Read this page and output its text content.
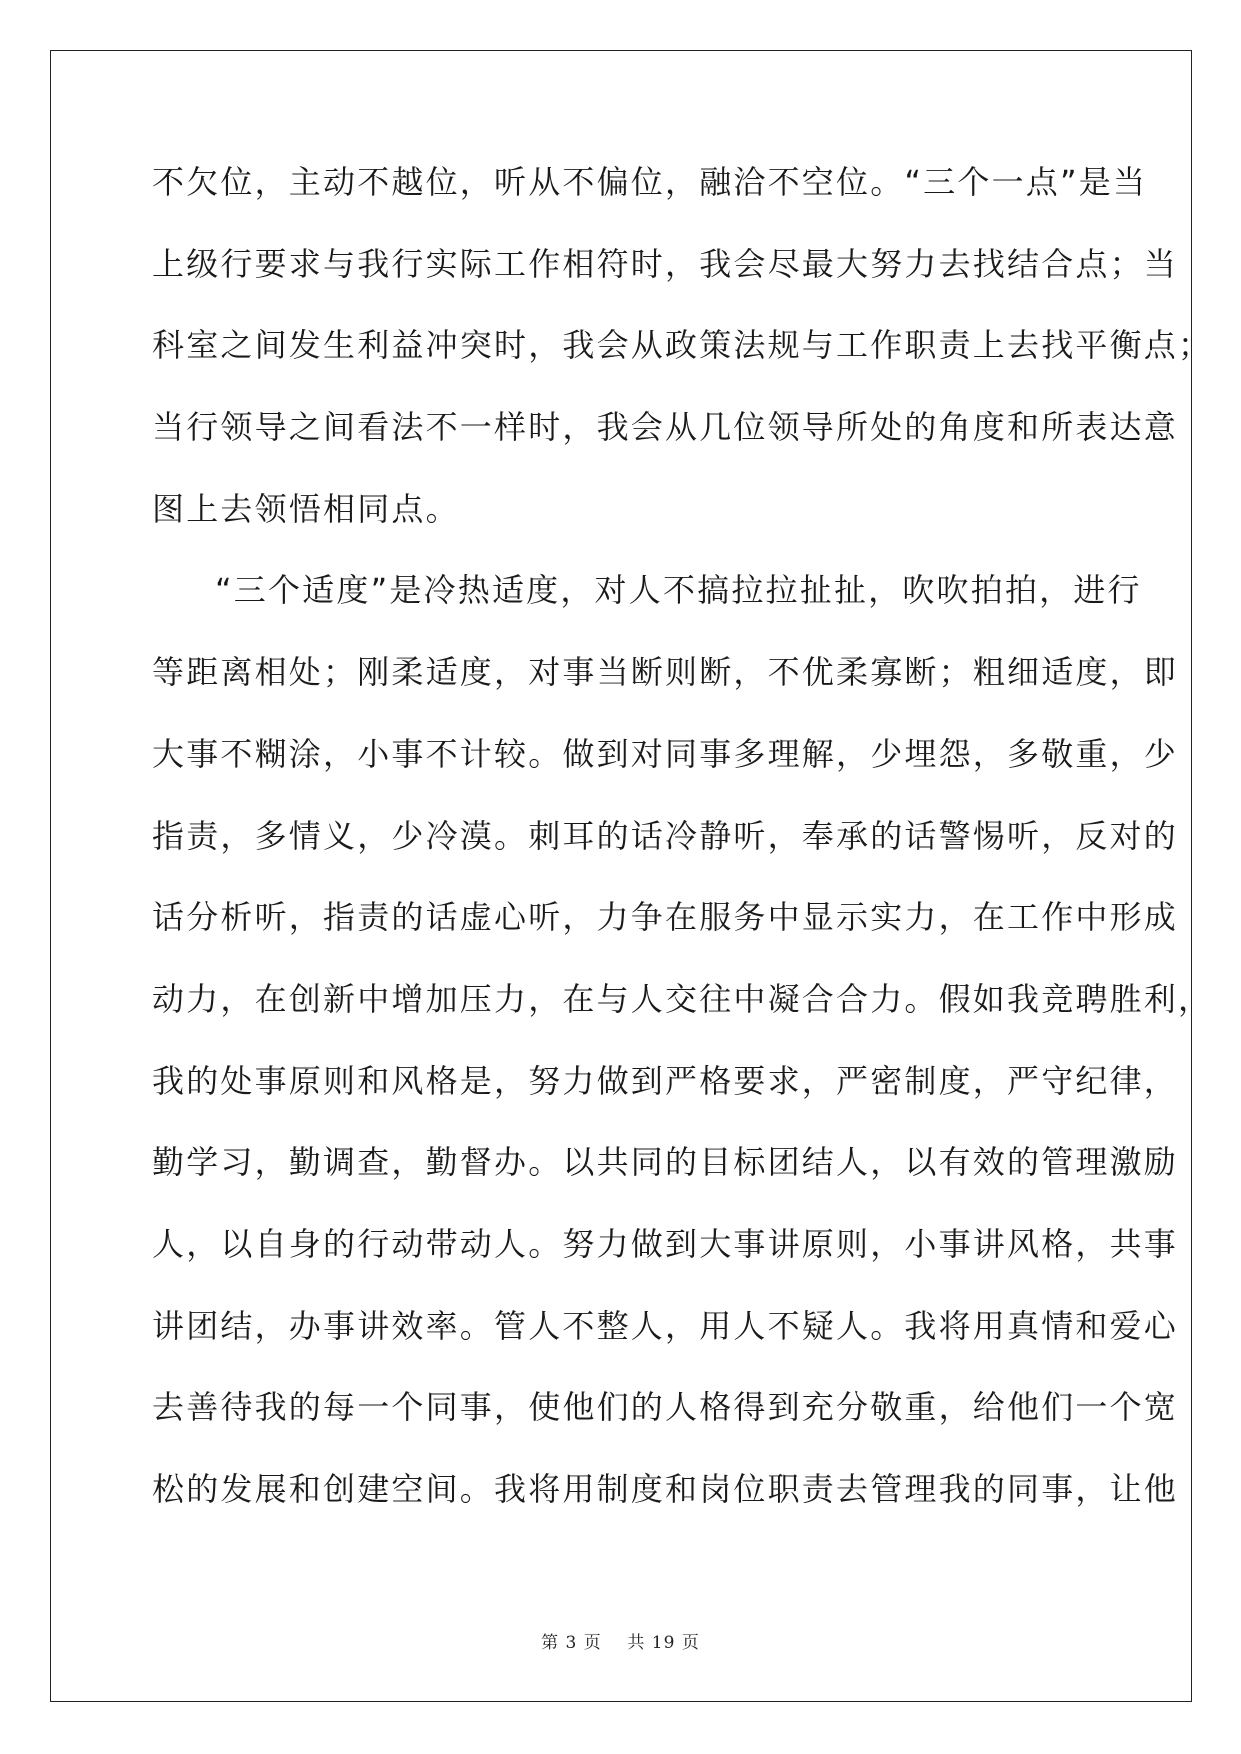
不欠位，主动不越位，听从不偏位，融洽不空位。“三个一点”是当
上级行要求与我行实际工作相符时，我会尽最大努力去找结合点；当
科室之间发生利益冲突时，我会从政策法规与工作职责上去找平衡点；
当行领导之间看法不一样时，我会从几位领导所处的角度和所表达意
图上去领悟相同点。
“三个适度”是冷热适度，对人不搞拉拉扯扯，吹吹拍拍，进行
等距离相处；刚柔适度，对事当断则断，不优柔寡断；粗细适度，即
大事不糊涂，小事不计较。做到对同事多理解，少埋怨，多敬重，少
指责，多情义，少冷漠。刺耳的话冷静听，奉承的话警惕听，反对的
话分析听，指责的话虚心听，力争在服务中显示实力，在工作中形成
动力，在创新中增加压力，在与人交往中凝合合力。假如我竞聘胜利，
我的处事原则和风格是，努力做到严格要求，严密制度，严守纪律，
勤学习，勤调查，勤督办。以共同的目标团结人，以有效的管理激励
人，以自身的行动带动人。努力做到大事讲原则，小事讲风格，共事
讲团结，办事讲效率。管人不整人，用人不疑人。我将用真情和爱心
去善待我的每一个同事，使他们的人格得到充分敬重，给他们一个宽
松的发展和创建空间。我将用制度和岗位职责去管理我的同事，让他
第 3 页    共 19 页
